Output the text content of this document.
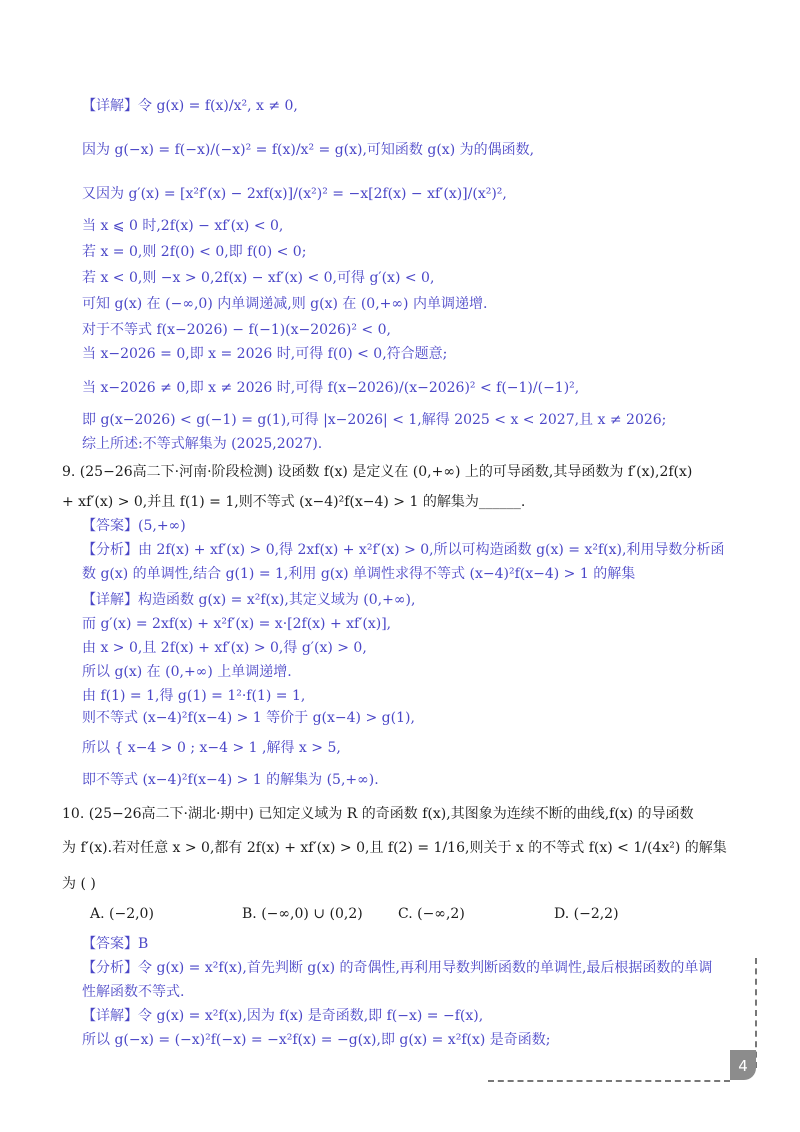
【详解】令 g(x) = f(x)/x², x ≠ 0,
因为 g(−x) = f(−x)/(−x)² = f(x)/x² = g(x),可知函数 g(x) 为的偶函数,
又因为 g′(x) = [x²f′(x) − 2xf(x)]/(x²)² = −x[2f(x) − xf′(x)]/(x²)²,
当 x ⩽ 0 时,2f(x) − xf′(x) < 0,
若 x = 0,则 2f(0) < 0,即 f(0) < 0;
若 x < 0,则 −x > 0,2f(x) − xf′(x) < 0,可得 g′(x) < 0,
可知 g(x) 在 (−∞,0) 内单调递减,则 g(x) 在 (0,+∞) 内单调递增.
对于不等式 f(x−2026) − f(−1)(x−2026)² < 0,
当 x−2026 = 0,即 x = 2026 时,可得 f(0) < 0,符合题意;
当 x−2026 ≠ 0,即 x ≠ 2026 时,可得 f(x−2026)/(x−2026)² < f(−1)/(−1)²,
即 g(x−2026) < g(−1) = g(1),可得 |x−2026| < 1,解得 2025 < x < 2027,且 x ≠ 2026;
综上所述:不等式解集为 (2025,2027).
9. (25−26高二下·河南·阶段检测) 设函数 f(x) 是定义在 (0,+∞) 上的可导函数,其导函数为 f′(x),2f(x)
+ xf′(x) > 0,并且 f(1) = 1,则不等式 (x−4)²f(x−4) > 1 的解集为______.
【答案】(5,+∞)
【分析】由 2f(x) + xf′(x) > 0,得 2xf(x) + x²f′(x) > 0,所以可构造函数 g(x) = x²f(x),利用导数分析函
数 g(x) 的单调性,结合 g(1) = 1,利用 g(x) 单调性求得不等式 (x−4)²f(x−4) > 1 的解集
【详解】构造函数 g(x) = x²f(x),其定义域为 (0,+∞),
而 g′(x) = 2xf(x) + x²f′(x) = x·[2f(x) + xf′(x)],
由 x > 0,且 2f(x) + xf′(x) > 0,得 g′(x) > 0,
所以 g(x) 在 (0,+∞) 上单调递增.
由 f(1) = 1,得 g(1) = 1²·f(1) = 1,
则不等式 (x−4)²f(x−4) > 1 等价于 g(x−4) > g(1),
所以 { x−4 > 0 ; x−4 > 1 ,解得 x > 5,
即不等式 (x−4)²f(x−4) > 1 的解集为 (5,+∞).
10. (25−26高二下·湖北·期中) 已知定义域为 R 的奇函数 f(x),其图象为连续不断的曲线,f(x) 的导函数
为 f′(x).若对任意 x > 0,都有 2f(x) + xf′(x) > 0,且 f(2) = 1/16,则关于 x 的不等式 f(x) < 1/(4x²) 的解集
为 ( )
【答案】B
【分析】令 g(x) = x²f(x),首先判断 g(x) 的奇偶性,再利用导数判断函数的单调性,最后根据函数的单调
性解函数不等式.
【详解】令 g(x) = x²f(x),因为 f(x) 是奇函数,即 f(−x) = −f(x),
所以 g(−x) = (−x)²f(−x) = −x²f(x) = −g(x),即 g(x) = x²f(x) 是奇函数;
A. (−2,0)	B. (−∞,0) ∪ (0,2)	C. (−∞,2)	D. (−2,2)
4
